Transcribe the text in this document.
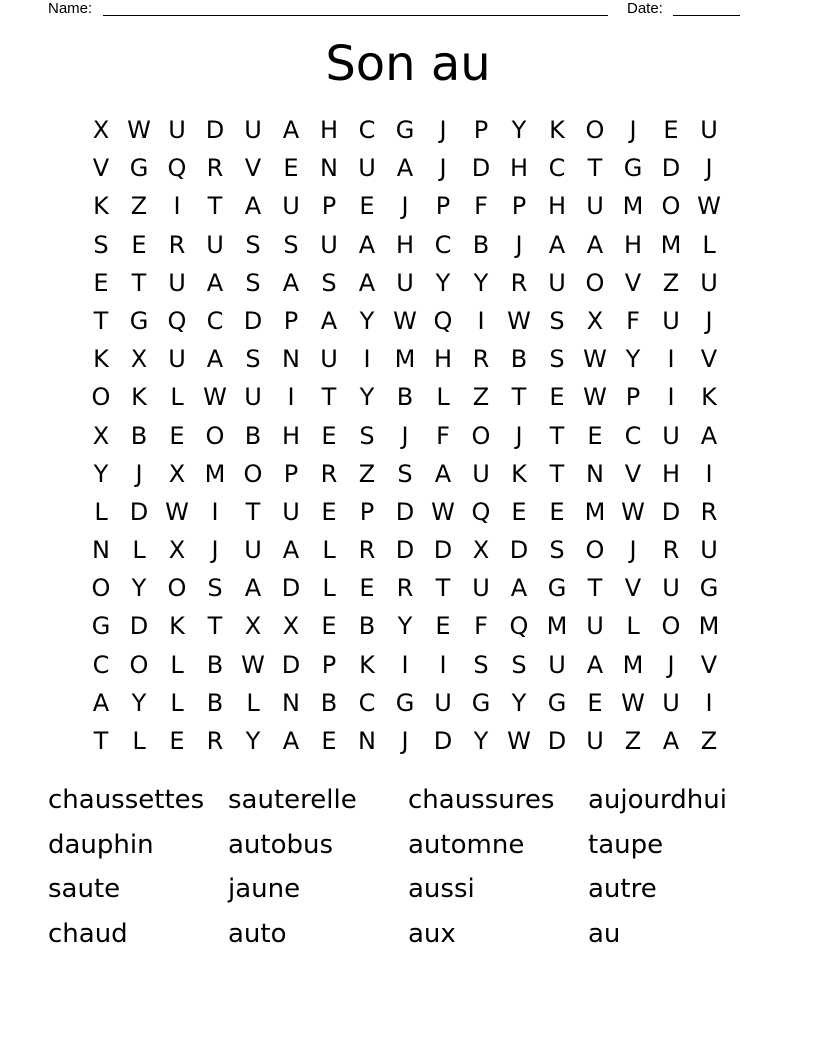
Name:	Date:
Son au
X W U D U A H C G	J	P Y K O	J	E U
V G Q R V E N U A	J	D H C T G D	J
K Z	I	T A U P E	J	P F P H U M O W
S E R U S S U A H C B	J	A A H M L
E T U A S A S A U Y Y R U O V Z U
T G Q C D P A Y W Q	I W S X F U	J
K X U A S N U	I	M H R B S W Y	I	V
O K L W U	I	T Y B L Z T E W P	I	K
X B E O B H E S	J	F O	J	T E C U A
Y	J	X M O P R Z S A U K T N V H	I
L D W I	T U E P D W Q E E M W D R
N L X	J	U A L R D D X D S O	J	R U
O Y O S A D L E R T U A G T V U G
G D K T X X E B Y E F Q M U L O M
C O L B W D P K	I	I	S S U A M	J	V
A Y L B L N B C G U G Y G E W U	I
T L E R Y A E N	J	D Y W D U Z A Z
chaussettes sauterelle	chaussures	aujourdhui
dauphin	autobus	automne	taupe
saute	jaune	aussi	autre
chaud	auto	aux	au
